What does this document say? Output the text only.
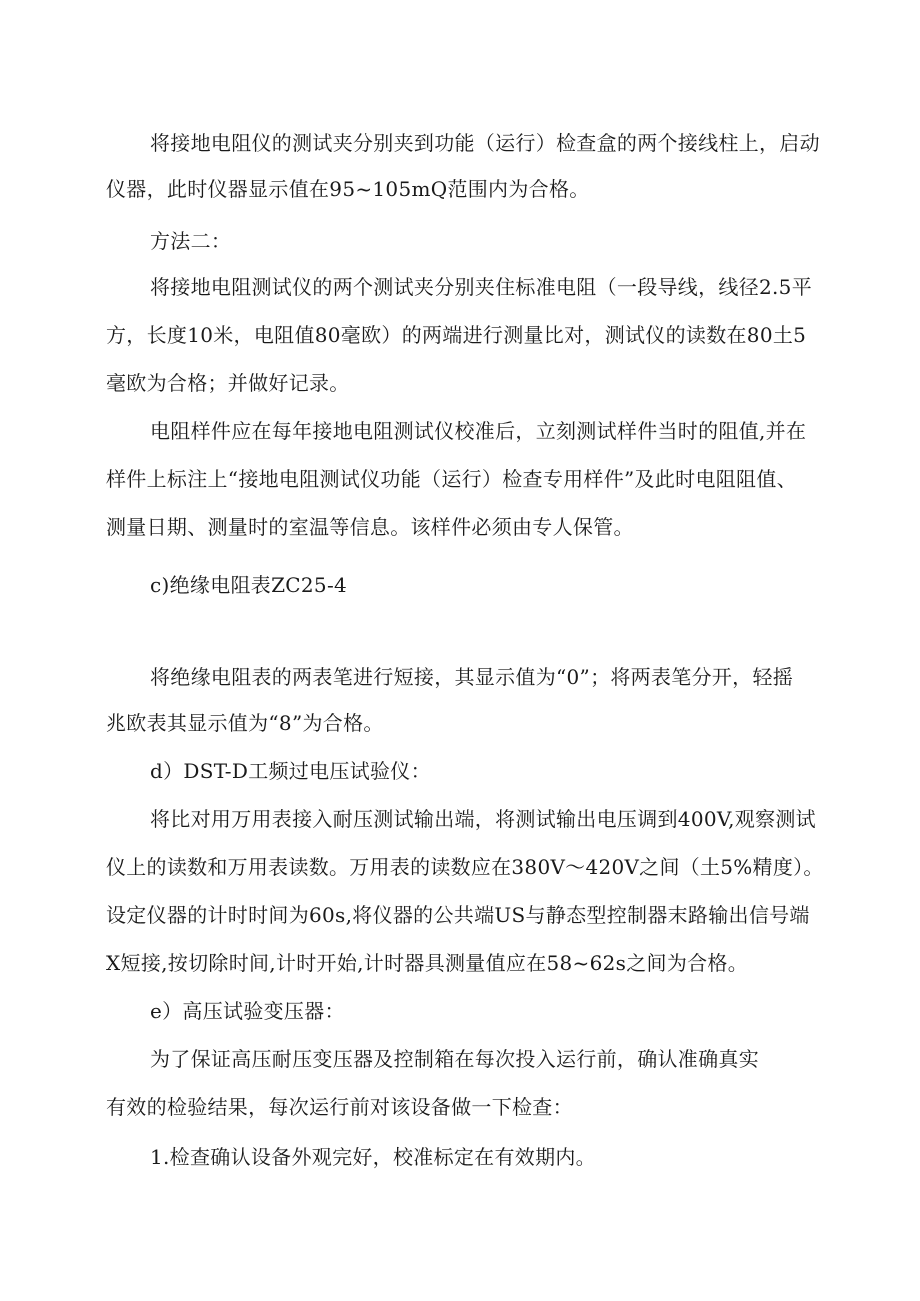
将接地电阻仪的测试夹分别夹到功能（运行）检查盒的两个接线柱上，启动
仪器，此时仪器显示值在95~105mQ范围内为合格。
方法二：
将接地电阻测试仪的两个测试夹分别夹住标准电阻（一段导线，线径2.5平
方，长度10米，电阻值80毫欧）的两端进行测量比对，测试仪的读数在80土5
毫欧为合格；并做好记录。
电阻样件应在每年接地电阻测试仪校准后，立刻测试样件当时的阻值,并在
样件上标注上“接地电阻测试仪功能（运行）检查专用样件”及此时电阻阻值、
测量日期、测量时的室温等信息。该样件必须由专人保管。
c)绝缘电阻表ZC25-4
将绝缘电阻表的两表笔进行短接，其显示值为“0”；将两表笔分开，轻摇
兆欧表其显示值为“8”为合格。
d）DST-D工频过电压试验仪：
将比对用万用表接入耐压测试输出端，将测试输出电压调到400V,观察测试
仪上的读数和万用表读数。万用表的读数应在380V～420V之间（土5%精度）。
设定仪器的计时时间为60s,将仪器的公共端US与静态型控制器末路输出信号端
X短接,按切除时间,计时开始,计时器具测量值应在58~62s之间为合格。
e）高压试验变压器：
为了保证高压耐压变压器及控制箱在每次投入运行前，确认准确真实
有效的检验结果，每次运行前对该设备做一下检查：
1.检查确认设备外观完好，校准标定在有效期内。
